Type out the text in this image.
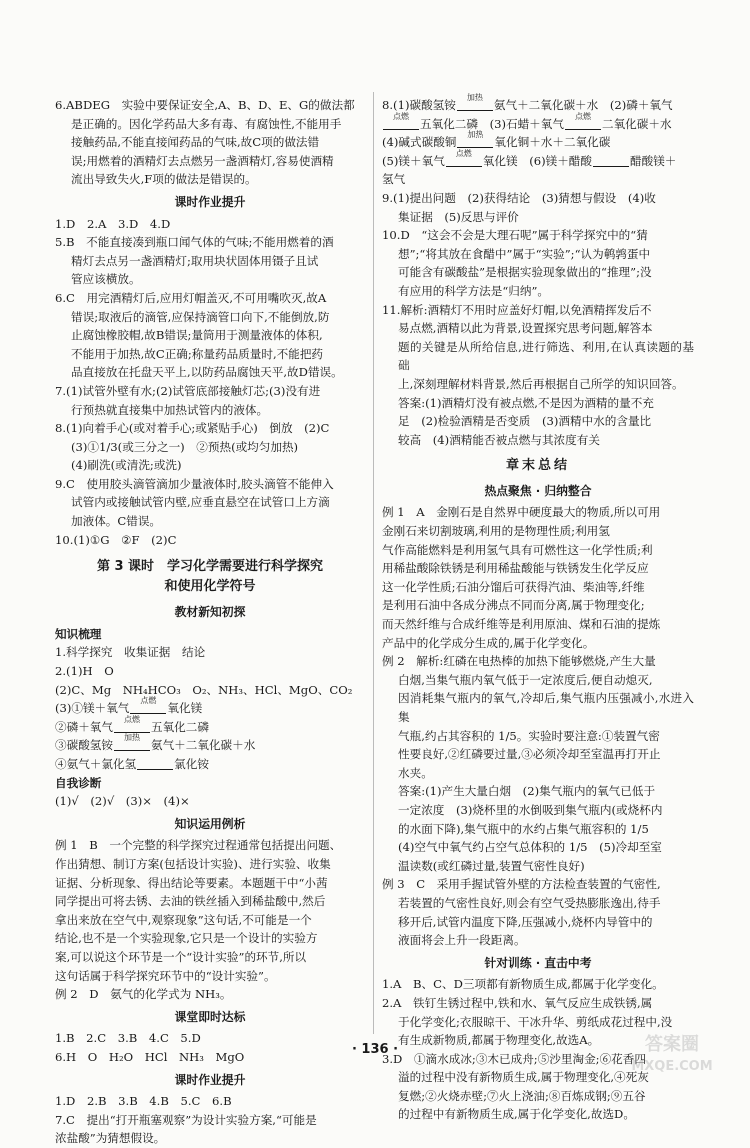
6.ABDEG　实验中要保证安全,A、B、D、E、G的做法都

是正确的。因化学药品大多有毒、有腐蚀性,不能用手

接触药品,不能直接闻药品的气味,故C项的做法错

误;用燃着的酒精灯去点燃另一盏酒精灯,容易使酒精

流出导致失火,F项的做法是错误的。

课时作业提升

1.D　2.A　3.D　4.D

5.B　不能直接凑到瓶口闻气体的气味;不能用燃着的酒

精灯去点另一盏酒精灯;取用块状固体用镊子且试

管应该横放。

6.C　用完酒精灯后,应用灯帽盖灭,不可用嘴吹灭,故A

错误;取液后的滴管,应保持滴管口向下,不能倒放,防

止腐蚀橡胶帽,故B错误;量筒用于测量液体的体积,

不能用于加热,故C正确;称量药品质量时,不能把药

品直接放在托盘天平上,以防药品腐蚀天平,故D错误。

7.(1)试管外壁有水;(2)试管底部接触灯芯;(3)没有进

行预热就直接集中加热试管内的液体。

8.(1)向着手心(或对着手心;或紧贴手心)　倒放　(2)C

(3)①1/3(或三分之一)　②预热(或均匀加热)

(4)刷洗(或清洗;或洗)

9.C　使用胶头滴管滴加少量液体时,胶头滴管不能伸入

试管内或接触试管内壁,应垂直悬空在试管口上方滴

加液体。C错误。

10.(1)①G　②F　(2)C

第 3 课时　学习化学需要进行科学探究
和使用化学符号
教材新知初探
知识梳理

1.科学探究　收集证据　结论

2.(1)H　O

(2)C、Mg　NH₄HCO₃　O₂、NH₃、HCl、MgO、CO₂

(3)①镁＋氧气
点燃
氧化镁

②磷＋氧气
点燃
五氧化二磷

③碳酸氢铵
加热
氨气＋二氧化碳＋水

④氨气＋氯化氢	氯化铵

自我诊断

(1)√　(2)√　(3)×　(4)×

知识运用例析

例 1　B　一个完整的科学探究过程通常包括提出问题、

作出猜想、制订方案(包括设计实验)、进行实验、收集

证据、分析现象、得出结论等要素。本题题干中“小茜

同学提出可将去锈、去油的铁丝插入到稀盐酸中,然后

拿出来放在空气中,观察现象”这句话,不可能是一个

结论,也不是一个实验现象,它只是一个设计的实验方

案,可以说这个环节是一个“设计实验”的环节,所以

这句话属于科学探究环节中的“设计实验”。

例 2　D　氨气的化学式为 NH₃。

课堂即时达标

1.B　2.C　3.B　4.C　5.D

6.H　O　H₂O　HCl　NH₃　MgO

课时作业提升

1.D　2.B　3.B　4.B　5.C　6.B

7.C　提出“打开瓶塞观察”为设计实验方案,“可能是

浓盐酸”为猜想假设。

8.(1)碳酸氢铵
加热
氨气＋二氧化碳＋水　(2)磷＋氧气

点燃
五氧化二磷　(3)石蜡＋氧气
点燃
二氧化碳＋水

(4)碱式碳酸铜
加热
氧化铜＋水＋二氧化碳

(5)镁＋氧气
点燃
氧化镁　(6)镁＋醋酸	醋酸镁＋

氢气

9.(1)提出问题　(2)获得结论　(3)猜想与假设　(4)收

集证据　(5)反思与评价

10.D　“这会不会是大理石呢”属于科学探究中的“猜

想”;“将其放在食醋中”属于“实验”;“认为鹌鹑蛋中

可能含有碳酸盐”是根据实验现象做出的“推理”;没

有应用的科学方法是“归纳”。

11.解析:酒精灯不用时应盖好灯帽,以免酒精挥发后不

易点燃,酒精以此为背景,设置探究思考问题,解答本

题的关键是从所给信息,进行筛选、利用,在认真读题的基础

上,深刻理解材料背景,然后再根据自己所学的知识回答。

答案:(1)酒精灯没有被点燃,不是因为酒精的量不充

足　(2)检验酒精是否变质　(3)酒精中水的含量比

较高　(4)酒精能否被点燃与其浓度有关

章末总结
热点聚焦 · 归纳整合

例 1　A　金刚石是自然界中硬度最大的物质,所以可用

金刚石来切割玻璃,利用的是物理性质;利用氢

气作高能燃料是利用氢气具有可燃性这一化学性质;利

用稀盐酸除铁锈是利用稀盐酸能与铁锈发生化学反应

这一化学性质;石油分馏后可获得汽油、柴油等,纤维

是利用石油中各成分沸点不同而分离,属于物理变化;

而天然纤维与合成纤维等是利用原油、煤和石油的提炼

产品中的化学成分生成的,属于化学变化。

例 2　解析:红磷在电热棒的加热下能够燃烧,产生大量

白烟,当集气瓶内氧气低于一定浓度后,便自动熄灭,

因消耗集气瓶内的氧气,冷却后,集气瓶内压强减小,水进入集

气瓶,约占其容积的 1/5。实验时要注意:①装置气密

性要良好,②红磷要过量,③必须冷却至室温再打开止

水夹。

答案:(1)产生大量白烟　(2)集气瓶内的氧气已低于

一定浓度　(3)烧杯里的水倒吸到集气瓶内(或烧杯内

的水面下降),集气瓶中的水约占集气瓶容积的 1/5

(4)空气中氧气约占空气总体积的 1/5　(5)冷却至室

温读数(或红磷过量,装置气密性良好)

例 3　C　采用手握试管外壁的方法检查装置的气密性,

若装置的气密性良好,则会有空气受热膨胀逸出,待手

移开后,试管内温度下降,压强减小,烧杯内导管中的

液面将会上升一段距离。

针对训练 · 直击中考

1.A　B、C、D三项都有新物质生成,都属于化学变化。

2.A　铁钉生锈过程中,铁和水、氧气反应生成铁锈,属

于化学变化;衣服晾干、干冰升华、剪纸成花过程中,没

有生成新物质,都属于物理变化,故选A。

3.D　①滴水成冰;③木已成舟;⑤沙里淘金;⑥花香四

溢的过程中没有新物质生成,属于物理变化,④死灰

复燃;②火烧赤壁;⑦火上浇油;⑧百炼成钢;⑨五谷

的过程中有新物质生成,属于化学变化,故选D。

· 136 ·	答案圈
MXQE.COM
